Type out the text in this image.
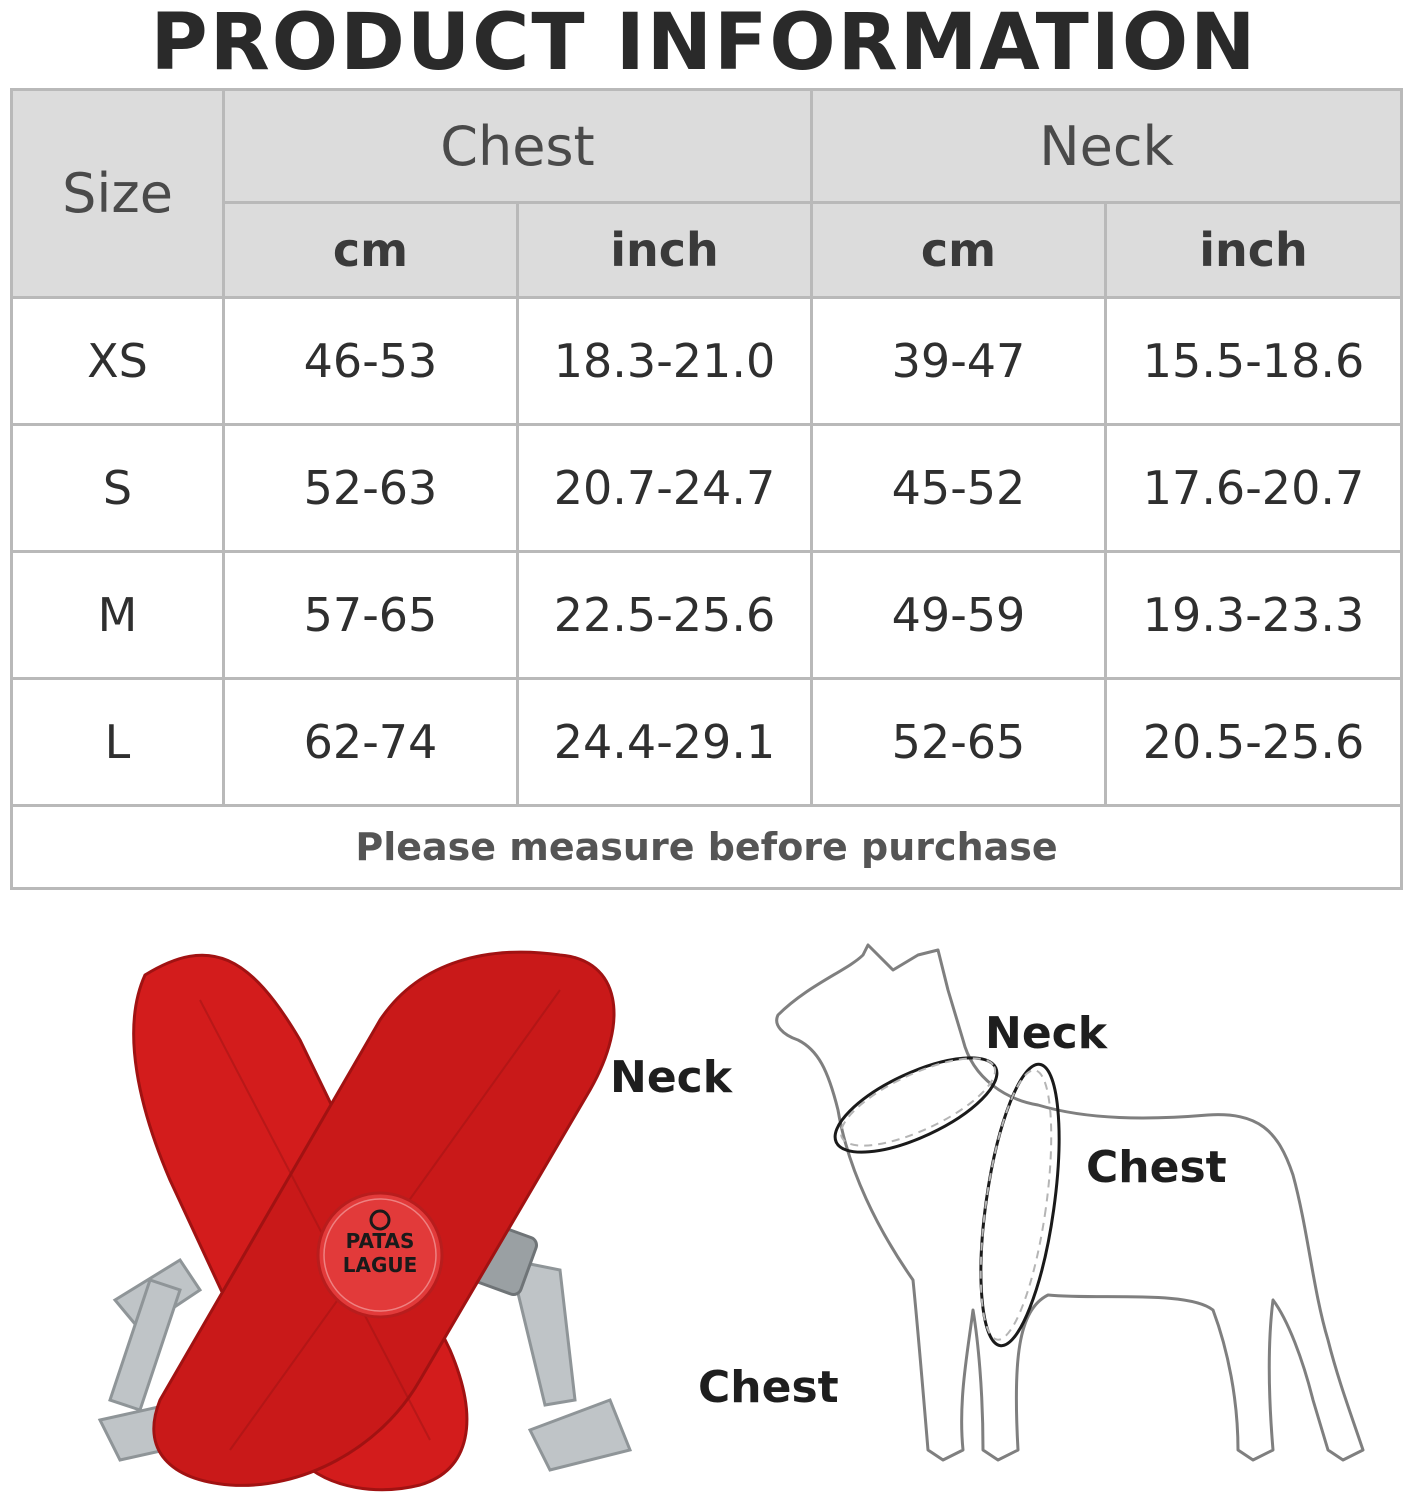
PRODUCT INFORMATION
Size	Chest		Neck	
	cm	inch	cm	inch
XS	46-53	18.3-21.0	39-47	15.5-18.6
S	52-63	20.7-24.7	45-52	17.6-20.7
M	57-65	22.5-25.6	49-59	19.3-23.3
L	62-74	24.4-29.1	52-65	20.5-25.6
Please measure before purchase				
PATAS
LAGUE
Neck
Chest
Neck
Chest
